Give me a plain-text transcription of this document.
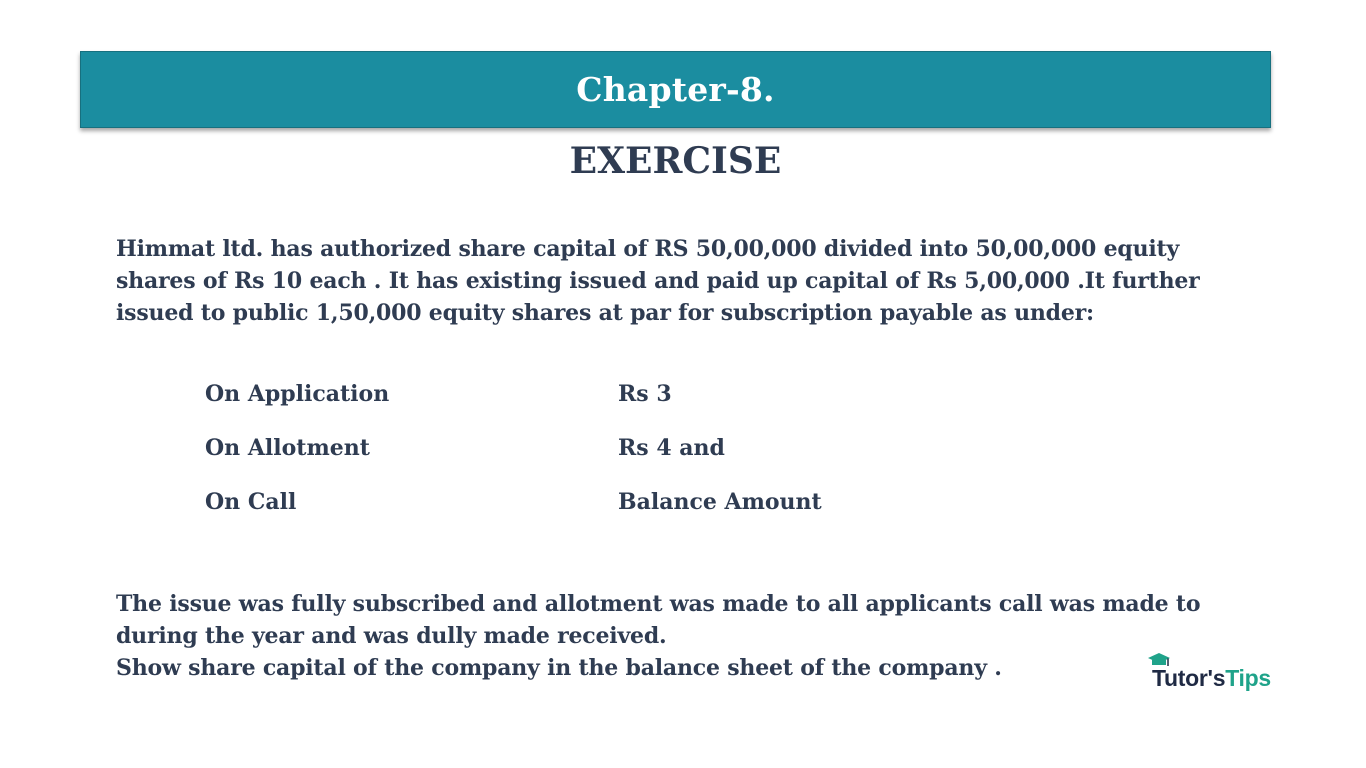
Chapter-8.
EXERCISE

Himmat ltd. has authorized share capital of RS 50,00,000 divided into 50,00,000 equity
shares of Rs 10 each . It has existing issued and paid up capital of Rs 5,00,000 .It further
issued to public 1,50,000 equity shares at par for subscription payable as under:

On Application	Rs 3
On Allotment	Rs 4 and
On Call	Balance Amount

The issue was fully subscribed and allotment was made to all applicants call was made to
during the year and was dully made received.
Show share capital of the company in the balance sheet of the company .	Tutor'sTips
